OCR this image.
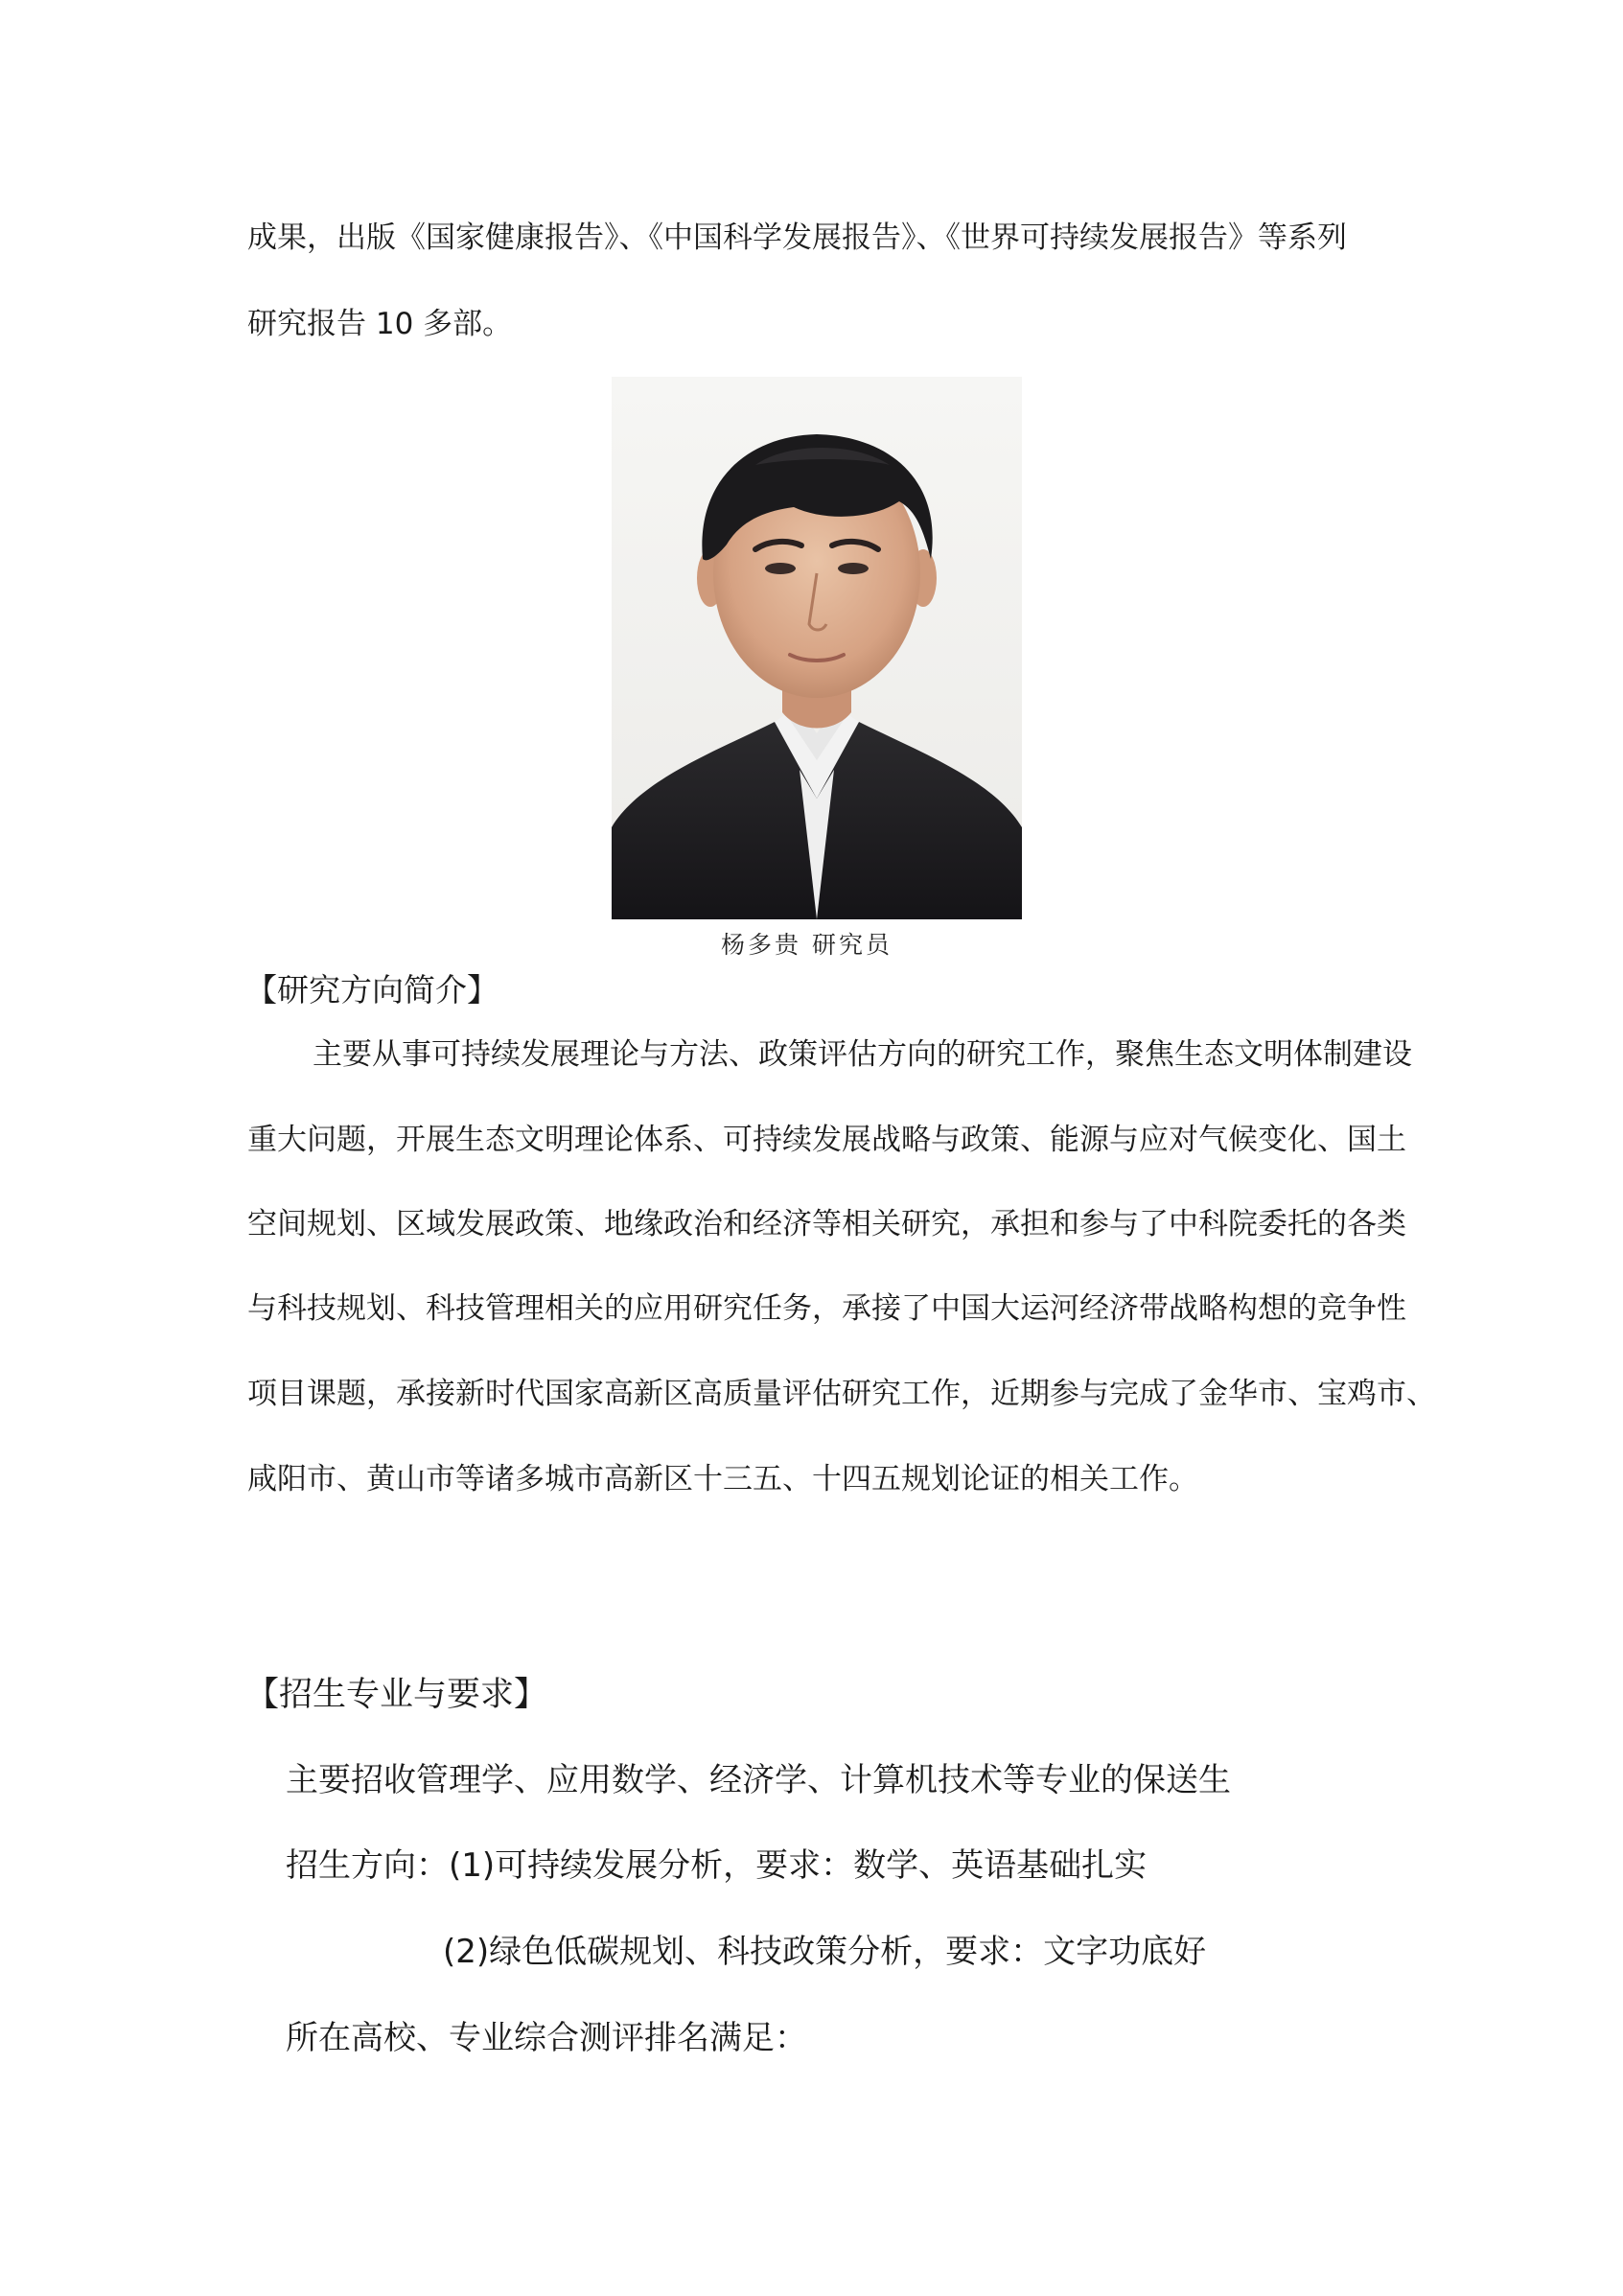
成果，出版《国家健康报告》、《中国科学发展报告》、《世界可持续发展报告》等系列
研究报告 10 多部。
杨多贵 研究员
【研究方向简介】
主要从事可持续发展理论与方法、政策评估方向的研究工作，聚焦生态文明体制建设
重大问题，开展生态文明理论体系、可持续发展战略与政策、能源与应对气候变化、国土
空间规划、区域发展政策、地缘政治和经济等相关研究，承担和参与了中科院委托的各类
与科技规划、科技管理相关的应用研究任务，承接了中国大运河经济带战略构想的竞争性
项目课题，承接新时代国家高新区高质量评估研究工作，近期参与完成了金华市、宝鸡市、
咸阳市、黄山市等诸多城市高新区十三五、十四五规划论证的相关工作。
【招生专业与要求】
主要招收管理学、应用数学、经济学、计算机技术等专业的保送生
招生方向：(1)可持续发展分析，要求：数学、英语基础扎实
(2)绿色低碳规划、科技政策分析，要求：文字功底好
所在高校、专业综合测评排名满足：
